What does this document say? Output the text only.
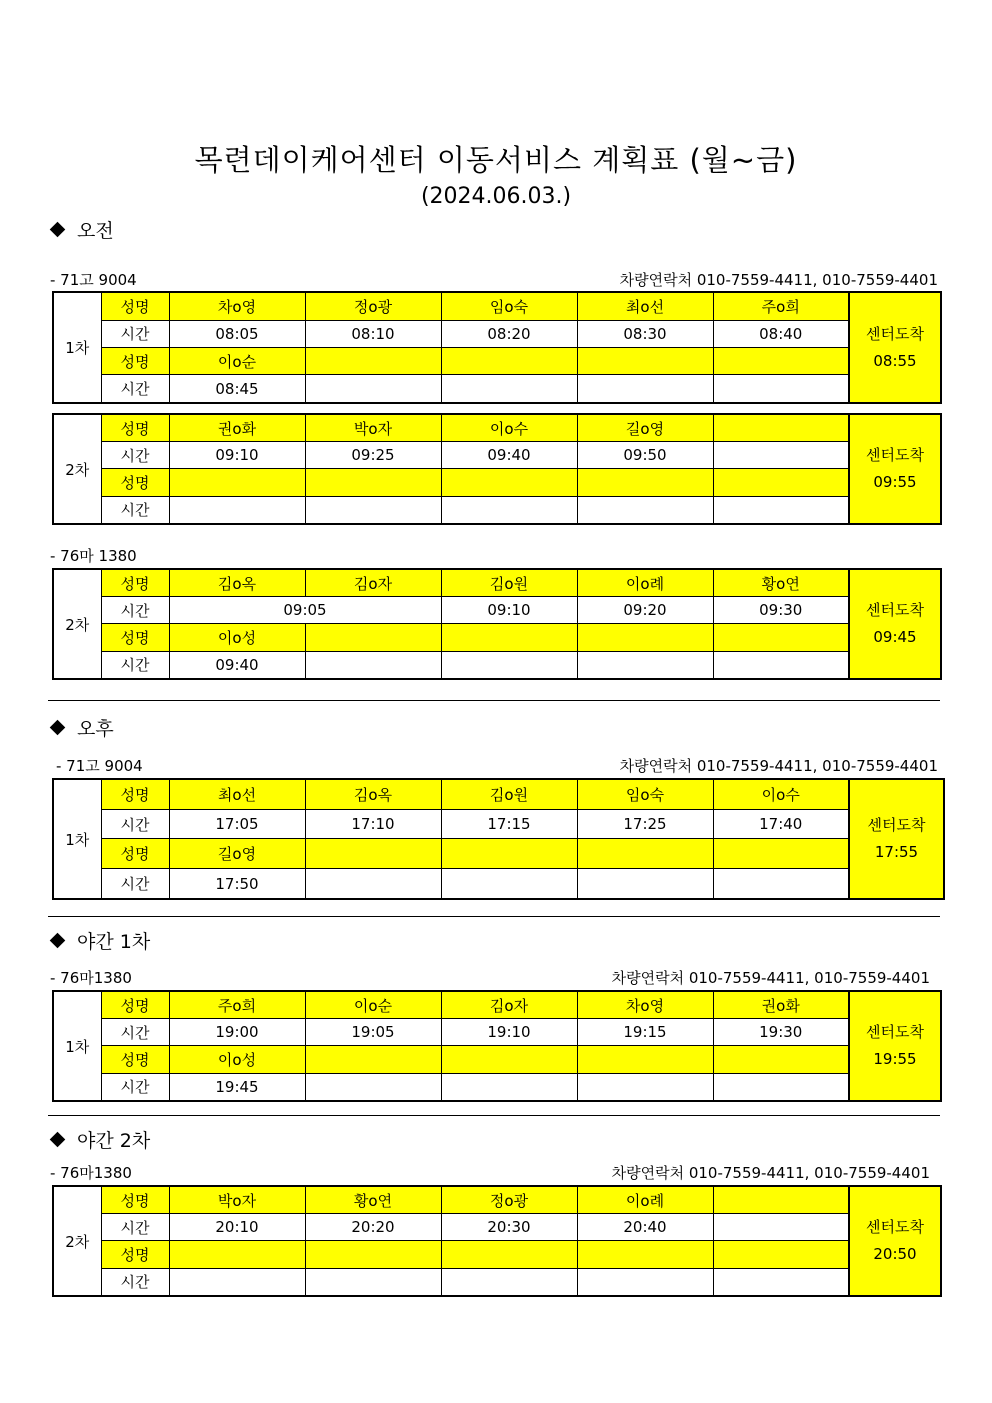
목련데이케어센터 이동서비스 계획표 (월~금)
(2024.06.03.)
오전
- 71고 9004	차량연락처 010-7559-4411, 010-7559-4401
1차	성명	차o영	정o광	임o숙	최o선	주o희	센터도착
08:55

	시간	08:05	08:10	08:20	08:30	08:40	
	성명	이o순					
	시간	08:45					
2차	성명	권o화	박o자	이o수	길o영		센터도착
09:55

	시간	09:10	09:25	09:40	09:50		
	성명						
	시간						
- 76마 1380
2차	성명	김o옥	김o자	김o원	이o례	황o연	센터도착
09:45

	시간	09:05		09:10	09:20	09:30	
	성명	이o성					
	시간	09:40					
오후
- 71고 9004	차량연락처 010-7559-4411, 010-7559-4401
1차	성명	최o선	김o옥	김o원	임o숙	이o수	센터도착
17:55

	시간	17:05	17:10	17:15	17:25	17:40	
	성명	길o영					
	시간	17:50					
야간 1차
- 76마1380	차량연락처 010-7559-4411, 010-7559-4401
1차	성명	주o희	이o순	김o자	차o영	권o화	센터도착
19:55

	시간	19:00	19:05	19:10	19:15	19:30	
	성명	이o성					
	시간	19:45					
야간 2차
- 76마1380	차량연락처 010-7559-4411, 010-7559-4401
2차	성명	박o자	황o연	정o광	이o례		센터도착
20:50

	시간	20:10	20:20	20:30	20:40		
	성명						
	시간						
